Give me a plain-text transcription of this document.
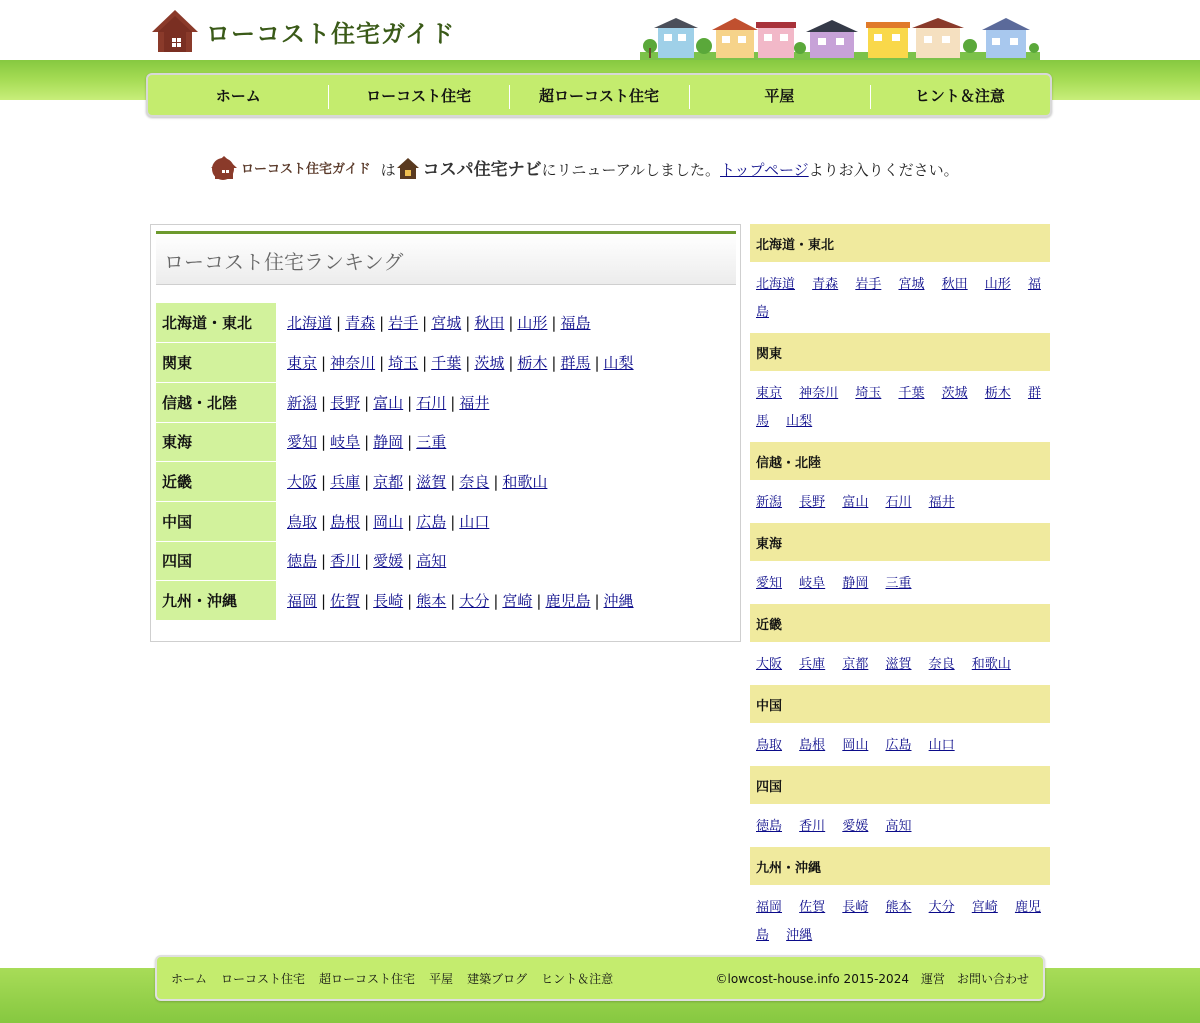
ローコスト住宅ガイド
ホーム	ローコスト住宅	超ローコスト住宅	平屋	ヒント＆注意
ローコスト住宅ガイド は コスパ住宅ナビ にリニューアルしました。 トップページ よりお入りください。
ローコスト住宅ランキング
北海道・東北	北海道 | 青森 | 岩手 | 宮城 | 秋田 | 山形 | 福島
関東	東京 | 神奈川 | 埼玉 | 千葉 | 茨城 | 栃木 | 群馬 | 山梨
信越・北陸	新潟 | 長野 | 富山 | 石川 | 福井
東海	愛知 | 岐阜 | 静岡 | 三重
近畿	大阪 | 兵庫 | 京都 | 滋賀 | 奈良 | 和歌山
中国	鳥取 | 島根 | 岡山 | 広島 | 山口
四国	徳島 | 香川 | 愛媛 | 高知
九州・沖縄	福岡 | 佐賀 | 長崎 | 熊本 | 大分 | 宮崎 | 鹿児島 | 沖縄
北海道・東北
北海道 青森 岩手 宮城 秋田 山形 福島
関東
東京 神奈川 埼玉 千葉 茨城 栃木 群馬 山梨
信越・北陸
新潟 長野 富山 石川 福井
東海
愛知 岐阜 静岡 三重
近畿
大阪 兵庫 京都 滋賀 奈良 和歌山
中国
鳥取 島根 岡山 広島 山口
四国
徳島 香川 愛媛 高知
九州・沖縄
福岡 佐賀 長崎 熊本 大分 宮崎 鹿児島 沖縄
ホーム ローコスト住宅 超ローコスト住宅 平屋 建築ブログ ヒント＆注意	©lowcost-house.info 2015-2024 運営 お問い合わせ
